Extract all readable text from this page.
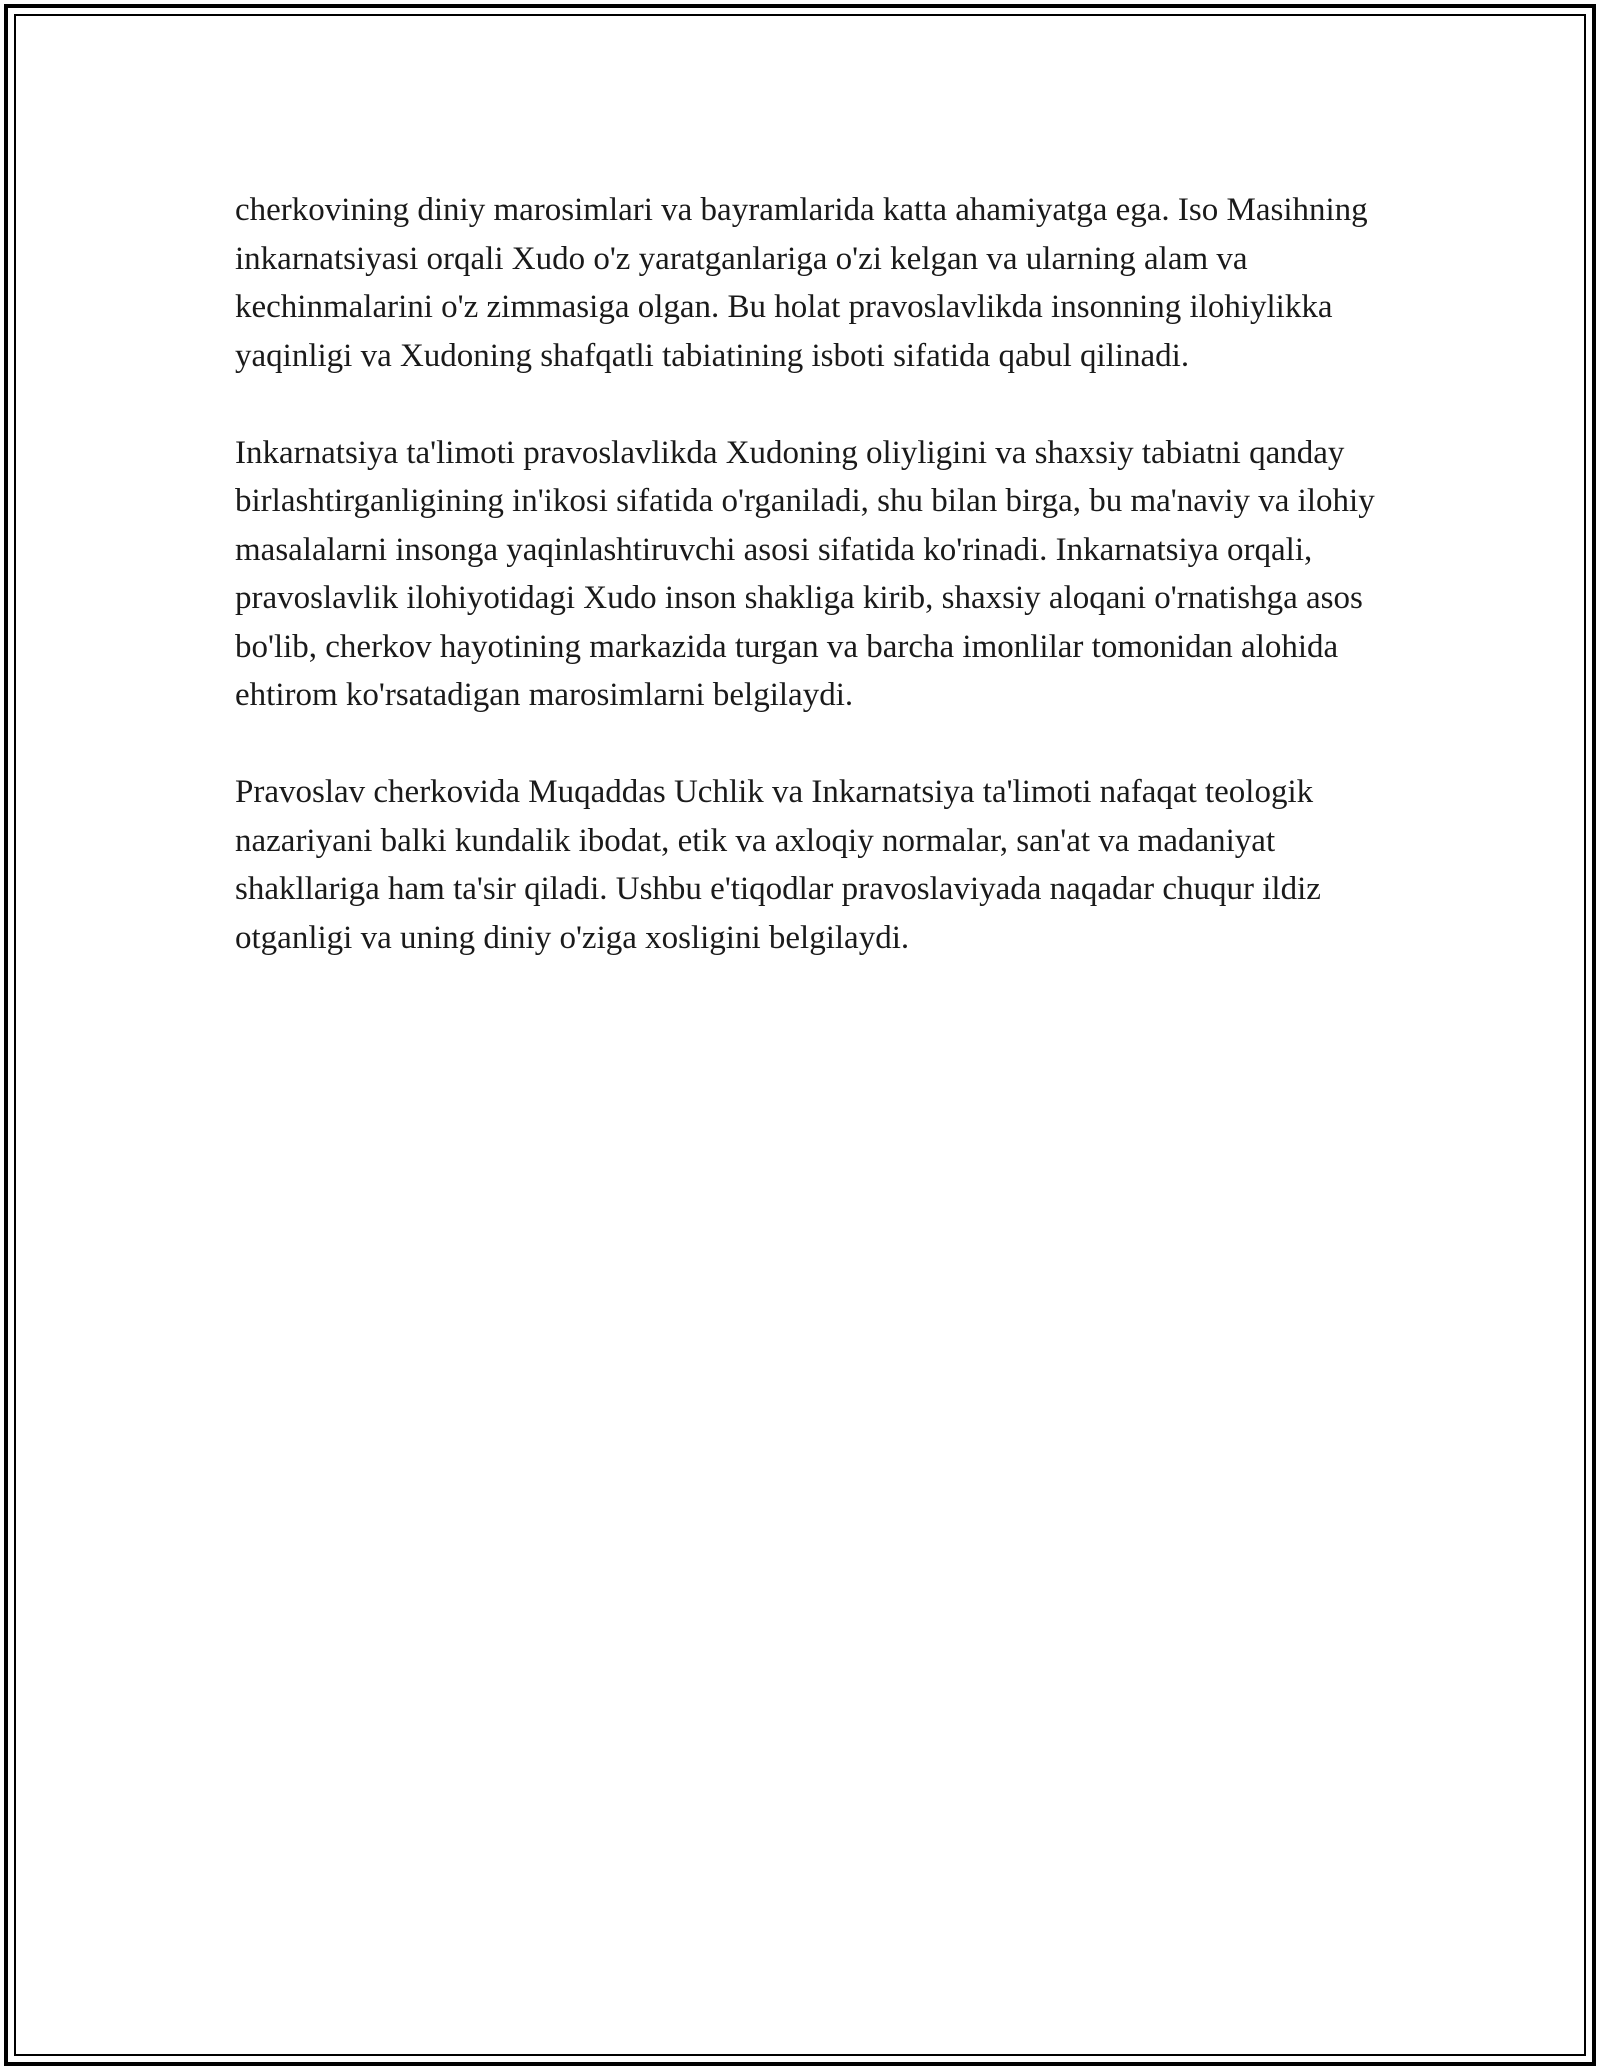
cherkovining diniy marosimlari va bayramlarida katta ahamiyatga ega. Iso Masihning inkarnatsiyasi orqali Xudo o'z yaratganlariga o'zi kelgan va ularning alam va kechinmalarini o'z zimmasiga olgan. Bu holat pravoslavlikda insonning ilohiylikka yaqinligi va Xudoning shafqatli tabiatining isboti sifatida qabul qilinadi.

Inkarnatsiya ta'limoti pravoslavlikda Xudoning oliyligini va shaxsiy tabiatni qanday birlashtirganligining in'ikosi sifatida o'rganiladi, shu bilan birga, bu ma'naviy va ilohiy masalalarni insonga yaqinlashtiruvchi asosi sifatida ko'rinadi. Inkarnatsiya orqali, pravoslavlik ilohiyotidagi Xudo inson shakliga kirib, shaxsiy aloqani o'rnatishga asos bo'lib, cherkov hayotining markazida turgan va barcha imonlilar tomonidan alohida ehtirom ko'rsatadigan marosimlarni belgilaydi.

Pravoslav cherkovida Muqaddas Uchlik va Inkarnatsiya ta'limoti nafaqat teologik nazariyani balki kundalik ibodat, etik va axloqiy normalar, san'at va madaniyat shakllariga ham ta'sir qiladi. Ushbu e'tiqodlar pravoslaviyada naqadar chuqur ildiz otganligi va uning diniy o'ziga xosligini belgilaydi.
